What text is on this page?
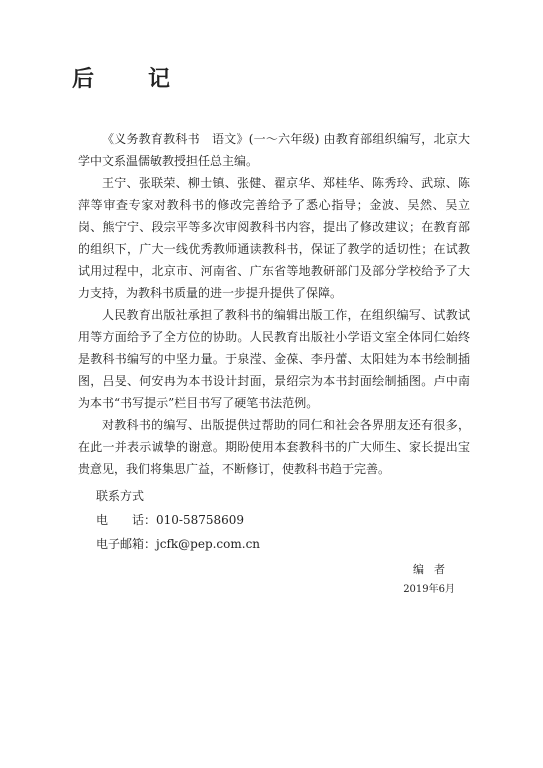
后　记

《义务教育教科书　语文》(一～六年级) 由教育部组织编写，北京大学中文系温儒敏教授担任总主编。

王宁、张联荣、柳士镇、张健、翟京华、郑桂华、陈秀玲、武琼、陈萍等审查专家对教科书的修改完善给予了悉心指导；金波、吴然、吴立岗、熊宁宁、段宗平等多次审阅教科书内容，提出了修改建议；在教育部的组织下，广大一线优秀教师通读教科书，保证了教学的适切性；在试教试用过程中，北京市、河南省、广东省等地教研部门及部分学校给予了大力支持，为教科书质量的进一步提升提供了保障。

人民教育出版社承担了教科书的编辑出版工作，在组织编写、试教试用等方面给予了全方位的协助。人民教育出版社小学语文室全体同仁始终是教科书编写的中坚力量。于泉滢、金葆、李丹蕾、太阳娃为本书绘制插图，吕旻、何安冉为本书设计封面，景绍宗为本书封面绘制插图。卢中南为本书“书写提示”栏目书写了硬笔书法范例。

对教科书的编写、出版提供过帮助的同仁和社会各界朋友还有很多，在此一并表示诚挚的谢意。期盼使用本套教科书的广大师生、家长提出宝贵意见，我们将集思广益，不断修订，使教科书趋于完善。

联系方式
电　　话：010-58758609
电子邮箱：jcfk@pep.com.cn
编者
2019年6月
